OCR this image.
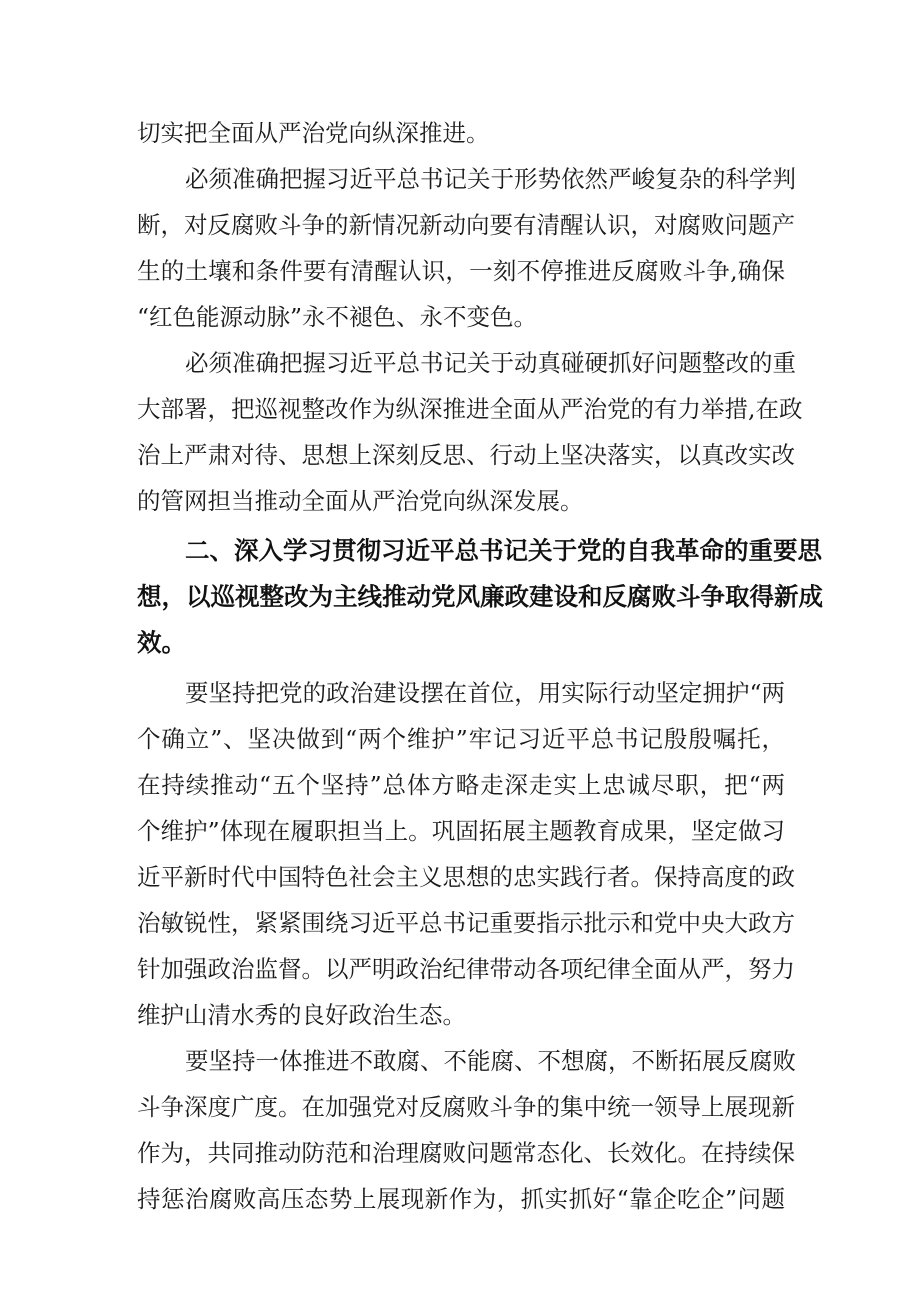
切实把全面从严治党向纵深推进。
必须准确把握习近平总书记关于形势依然严峻复杂的科学判
断，对反腐败斗争的新情况新动向要有清醒认识，对腐败问题产
生的土壤和条件要有清醒认识，一刻不停推进反腐败斗争,确保
“红色能源动脉”永不褪色、永不变色。
必须准确把握习近平总书记关于动真碰硬抓好问题整改的重
大部署，把巡视整改作为纵深推进全面从严治党的有力举措,在政
治上严肃对待、思想上深刻反思、行动上坚决落实，以真改实改
的管网担当推动全面从严治党向纵深发展。
二、深入学习贯彻习近平总书记关于党的自我革命的重要思
想，以巡视整改为主线推动党风廉政建设和反腐败斗争取得新成
效。
要坚持把党的政治建设摆在首位，用实际行动坚定拥护“两
个确立”、坚决做到“两个维护”牢记习近平总书记殷殷嘱托，
在持续推动“五个坚持”总体方略走深走实上忠诚尽职，把“两
个维护”体现在履职担当上。巩固拓展主题教育成果，坚定做习
近平新时代中国特色社会主义思想的忠实践行者。保持高度的政
治敏锐性，紧紧围绕习近平总书记重要指示批示和党中央大政方
针加强政治监督。以严明政治纪律带动各项纪律全面从严，努力
维护山清水秀的良好政治生态。
要坚持一体推进不敢腐、不能腐、不想腐，不断拓展反腐败
斗争深度广度。在加强党对反腐败斗争的集中统一领导上展现新
作为，共同推动防范和治理腐败问题常态化、长效化。在持续保
持惩治腐败高压态势上展现新作为，抓实抓好“靠企吃企”问题
